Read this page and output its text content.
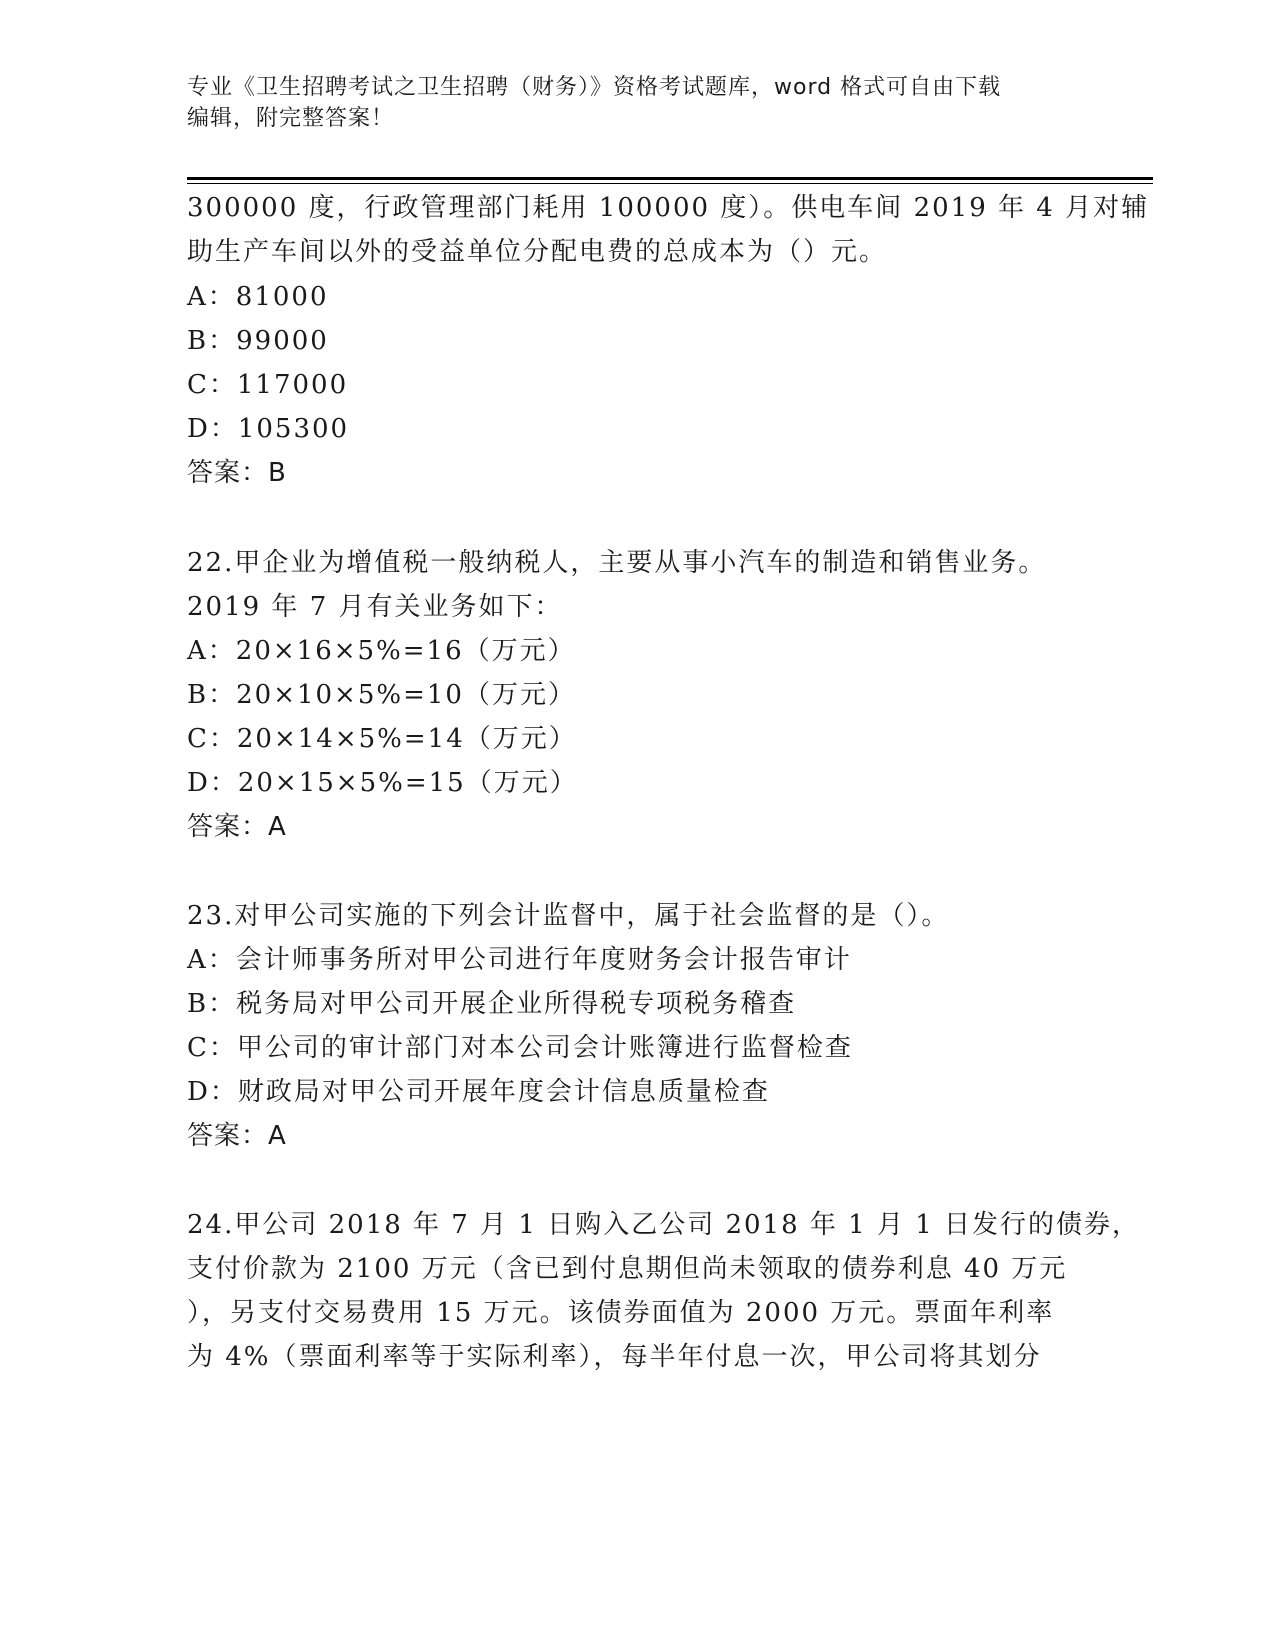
专业《卫生招聘考试之卫生招聘（财务）》资格考试题库，word 格式可自由下载
编辑，附完整答案！
300000 度，行政管理部门耗用 100000 度）。供电车间 2019 年 4 月对辅
助生产车间以外的受益单位分配电费的总成本为（）元。
A：81000
B：99000
C：117000
D：105300
答案：B
22.甲企业为增值税一般纳税人，主要从事小汽车的制造和销售业务。
2019 年 7 月有关业务如下：
A：20×16×5%=16（万元）
B：20×10×5%=10（万元）
C：20×14×5%=14（万元）
D：20×15×5%=15（万元）
答案：A
23.对甲公司实施的下列会计监督中，属于社会监督的是（）。
A：会计师事务所对甲公司进行年度财务会计报告审计
B：税务局对甲公司开展企业所得税专项税务稽查
C：甲公司的审计部门对本公司会计账簿进行监督检查
D：财政局对甲公司开展年度会计信息质量检查
答案：A
24.甲公司 2018 年 7 月 1 日购入乙公司 2018 年 1 月 1 日发行的债券，
支付价款为 2100 万元（含已到付息期但尚未领取的债券利息 40 万元
），另支付交易费用 15 万元。该债券面值为 2000 万元。票面年利率
为 4%（票面利率等于实际利率），每半年付息一次，甲公司将其划分
